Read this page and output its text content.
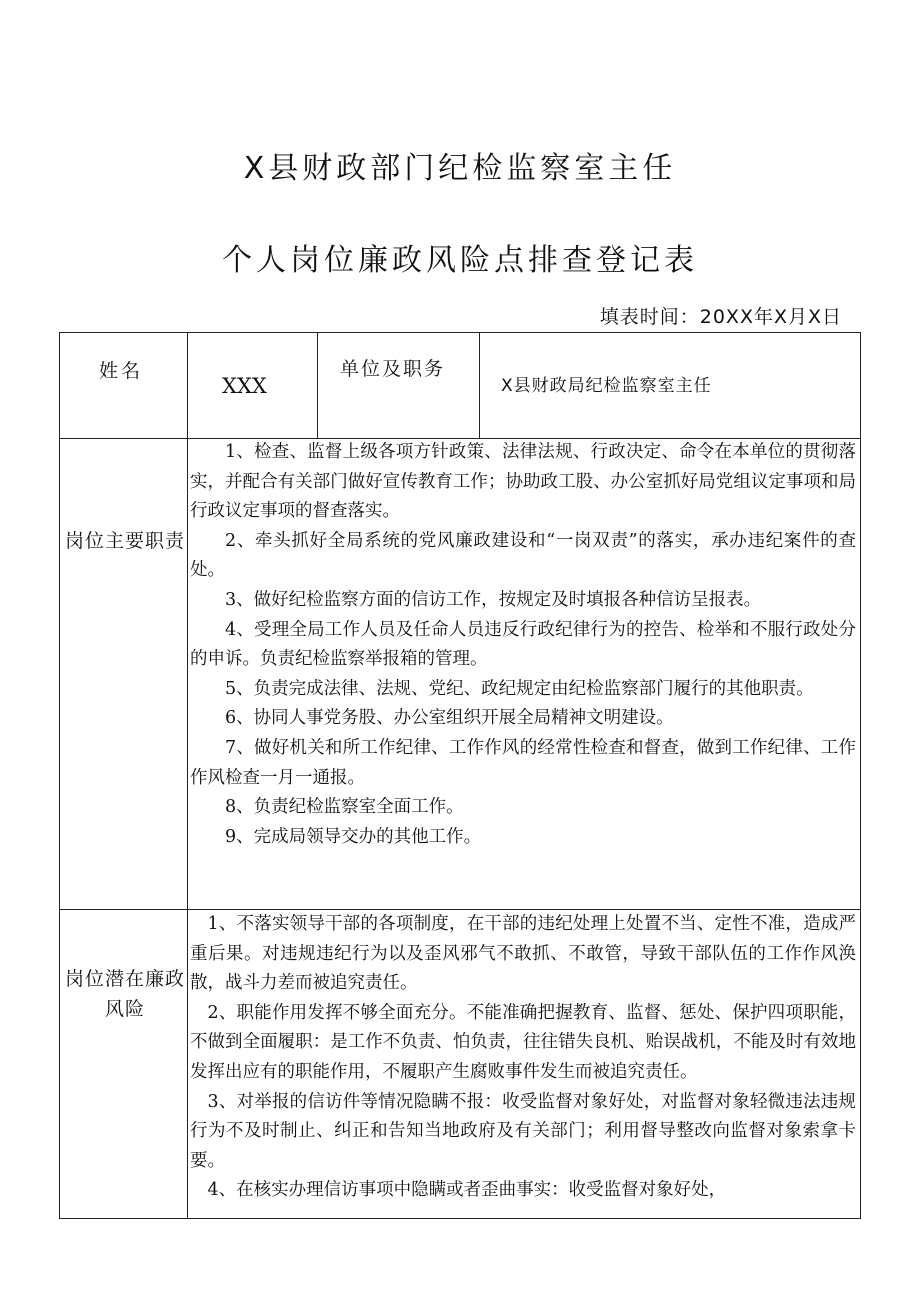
X县财政部门纪检监察室主任
个人岗位廉政风险点排查登记表
填表时间：20XX年X月X日
姓名
XXX
单位及职务
X县财政局纪检监察室主任
岗位主要职责

1、检查、监督上级各项方针政策、法律法规、行政决定、命令在本单位的贯彻落实，并配合有关部门做好宣传教育工作；协助政工股、办公室抓好局党组议定事项和局行政议定事项的督查落实。

2、牵头抓好全局系统的党风廉政建设和“一岗双责”的落实，承办违纪案件的查处。

3、做好纪检监察方面的信访工作，按规定及时填报各种信访呈报表。

4、受理全局工作人员及任命人员违反行政纪律行为的控告、检举和不服行政处分的申诉。负责纪检监察举报箱的管理。

5、负责完成法律、法规、党纪、政纪规定由纪检监察部门履行的其他职责。

6、协同人事党务股、办公室组织开展全局精神文明建设。

7、做好机关和所工作纪律、工作作风的经常性检查和督查，做到工作纪律、工作作风检查一月一通报。

8、负责纪检监察室全面工作。

9、完成局领导交办的其他工作。

岗位潜在廉政风险

1、不落实领导干部的各项制度，在干部的违纪处理上处置不当、定性不准，造成严重后果。对违规违纪行为以及歪风邪气不敢抓、不敢管，导致干部队伍的工作作风涣散，战斗力差而被追究责任。

2、职能作用发挥不够全面充分。不能准确把握教育、监督、惩处、保护四项职能，不做到全面履职：是工作不负责、怕负责，往往错失良机、贻误战机，不能及时有效地发挥出应有的职能作用，不履职产生腐败事件发生而被追究责任。

3、对举报的信访件等情况隐瞒不报：收受监督对象好处，对监督对象轻微违法违规行为不及时制止、纠正和告知当地政府及有关部门；利用督导整改向监督对象索拿卡要。

4、在核实办理信访事项中隐瞒或者歪曲事实：收受监督对象好处，
